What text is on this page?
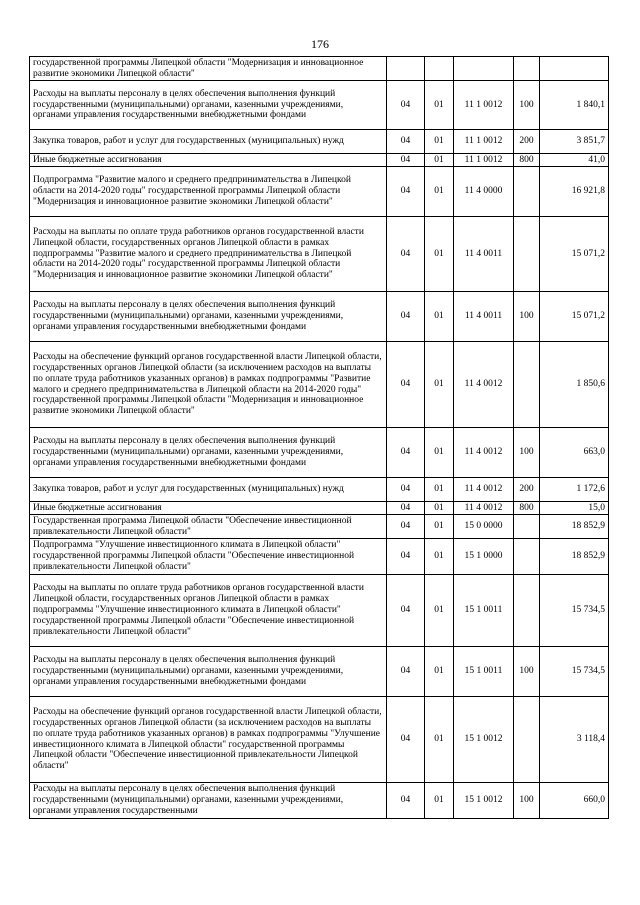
176
государственной программы Липецкой области "Модернизация и инновационное развитие экономики Липецкой области"					
Расходы на выплаты персоналу в целях обеспечения выполнения функций государственными (муниципальными) органами, казенными учреждениями, органами управления государственными внебюджетными фондами	04	01	11 1 0012	100	1 840,1
Закупка товаров, работ и услуг для государственных (муниципальных) нужд	04	01	11 1 0012	200	3 851,7
Иные бюджетные ассигнования	04	01	11 1 0012	800	41,0
Подпрограмма "Развитие малого и среднего предпринимательства в Липецкой области на 2014-2020 годы" государственной программы Липецкой области "Модернизация и инновационное развитие экономики Липецкой области"	04	01	11 4 0000		16 921,8
Расходы на выплаты по оплате труда работников органов государственной власти Липецкой области, государственных органов Липецкой области в рамках подпрограммы "Развитие малого и среднего предпринимательства в Липецкой области на 2014-2020 годы" государственной программы Липецкой области "Модернизация и инновационное развитие экономики Липецкой области"	04	01	11 4 0011		15 071,2
Расходы на выплаты персоналу в целях обеспечения выполнения функций государственными (муниципальными) органами, казенными учреждениями, органами управления государственными внебюджетными фондами	04	01	11 4 0011	100	15 071,2
Расходы на обеспечение функций органов государственной власти Липецкой области, государственных органов Липецкой области (за исключением расходов на выплаты по оплате труда работников указанных органов) в рамках подпрограммы "Развитие малого и среднего предпринимательства в Липецкой области на 2014-2020 годы" государственной программы Липецкой области "Модернизация и инновационное развитие экономики Липецкой области"	04	01	11 4 0012		1 850,6
Расходы на выплаты персоналу в целях обеспечения выполнения функций государственными (муниципальными) органами, казенными учреждениями, органами управления государственными внебюджетными фондами	04	01	11 4 0012	100	663,0
Закупка товаров, работ и услуг для государственных (муниципальных) нужд	04	01	11 4 0012	200	1 172,6
Иные бюджетные ассигнования	04	01	11 4 0012	800	15,0
Государственная программа Липецкой области "Обеспечение инвестиционной привлекательности Липецкой области"	04	01	15 0 0000		18 852,9
Подпрограмма "Улучшение инвестиционного климата в Липецкой области" государственной программы Липецкой области "Обеспечение инвестиционной привлекательности Липецкой области"	04	01	15 1 0000		18 852,9
Расходы на выплаты по оплате труда работников органов государственной власти Липецкой области, государственных органов Липецкой области в рамках подпрограммы "Улучшение инвестиционного климата в Липецкой области" государственной программы Липецкой области "Обеспечение инвестиционной привлекательности Липецкой области"	04	01	15 1 0011		15 734,5
Расходы на выплаты персоналу в целях обеспечения выполнения функций государственными (муниципальными) органами, казенными учреждениями, органами управления государственными внебюджетными фондами	04	01	15 1 0011	100	15 734,5
Расходы на обеспечение функций органов государственной власти Липецкой области, государственных органов Липецкой области (за исключением расходов на выплаты по оплате труда работников указанных органов) в рамках подпрограммы "Улучшение инвестиционного климата в Липецкой области" государственной программы Липецкой области "Обеспечение инвестиционной привлекательности Липецкой области"	04	01	15 1 0012		3 118,4
Расходы на выплаты персоналу в целях обеспечения выполнения функций государственными (муниципальными) органами, казенными учреждениями, органами управления государственными	04	01	15 1 0012	100	660,0
